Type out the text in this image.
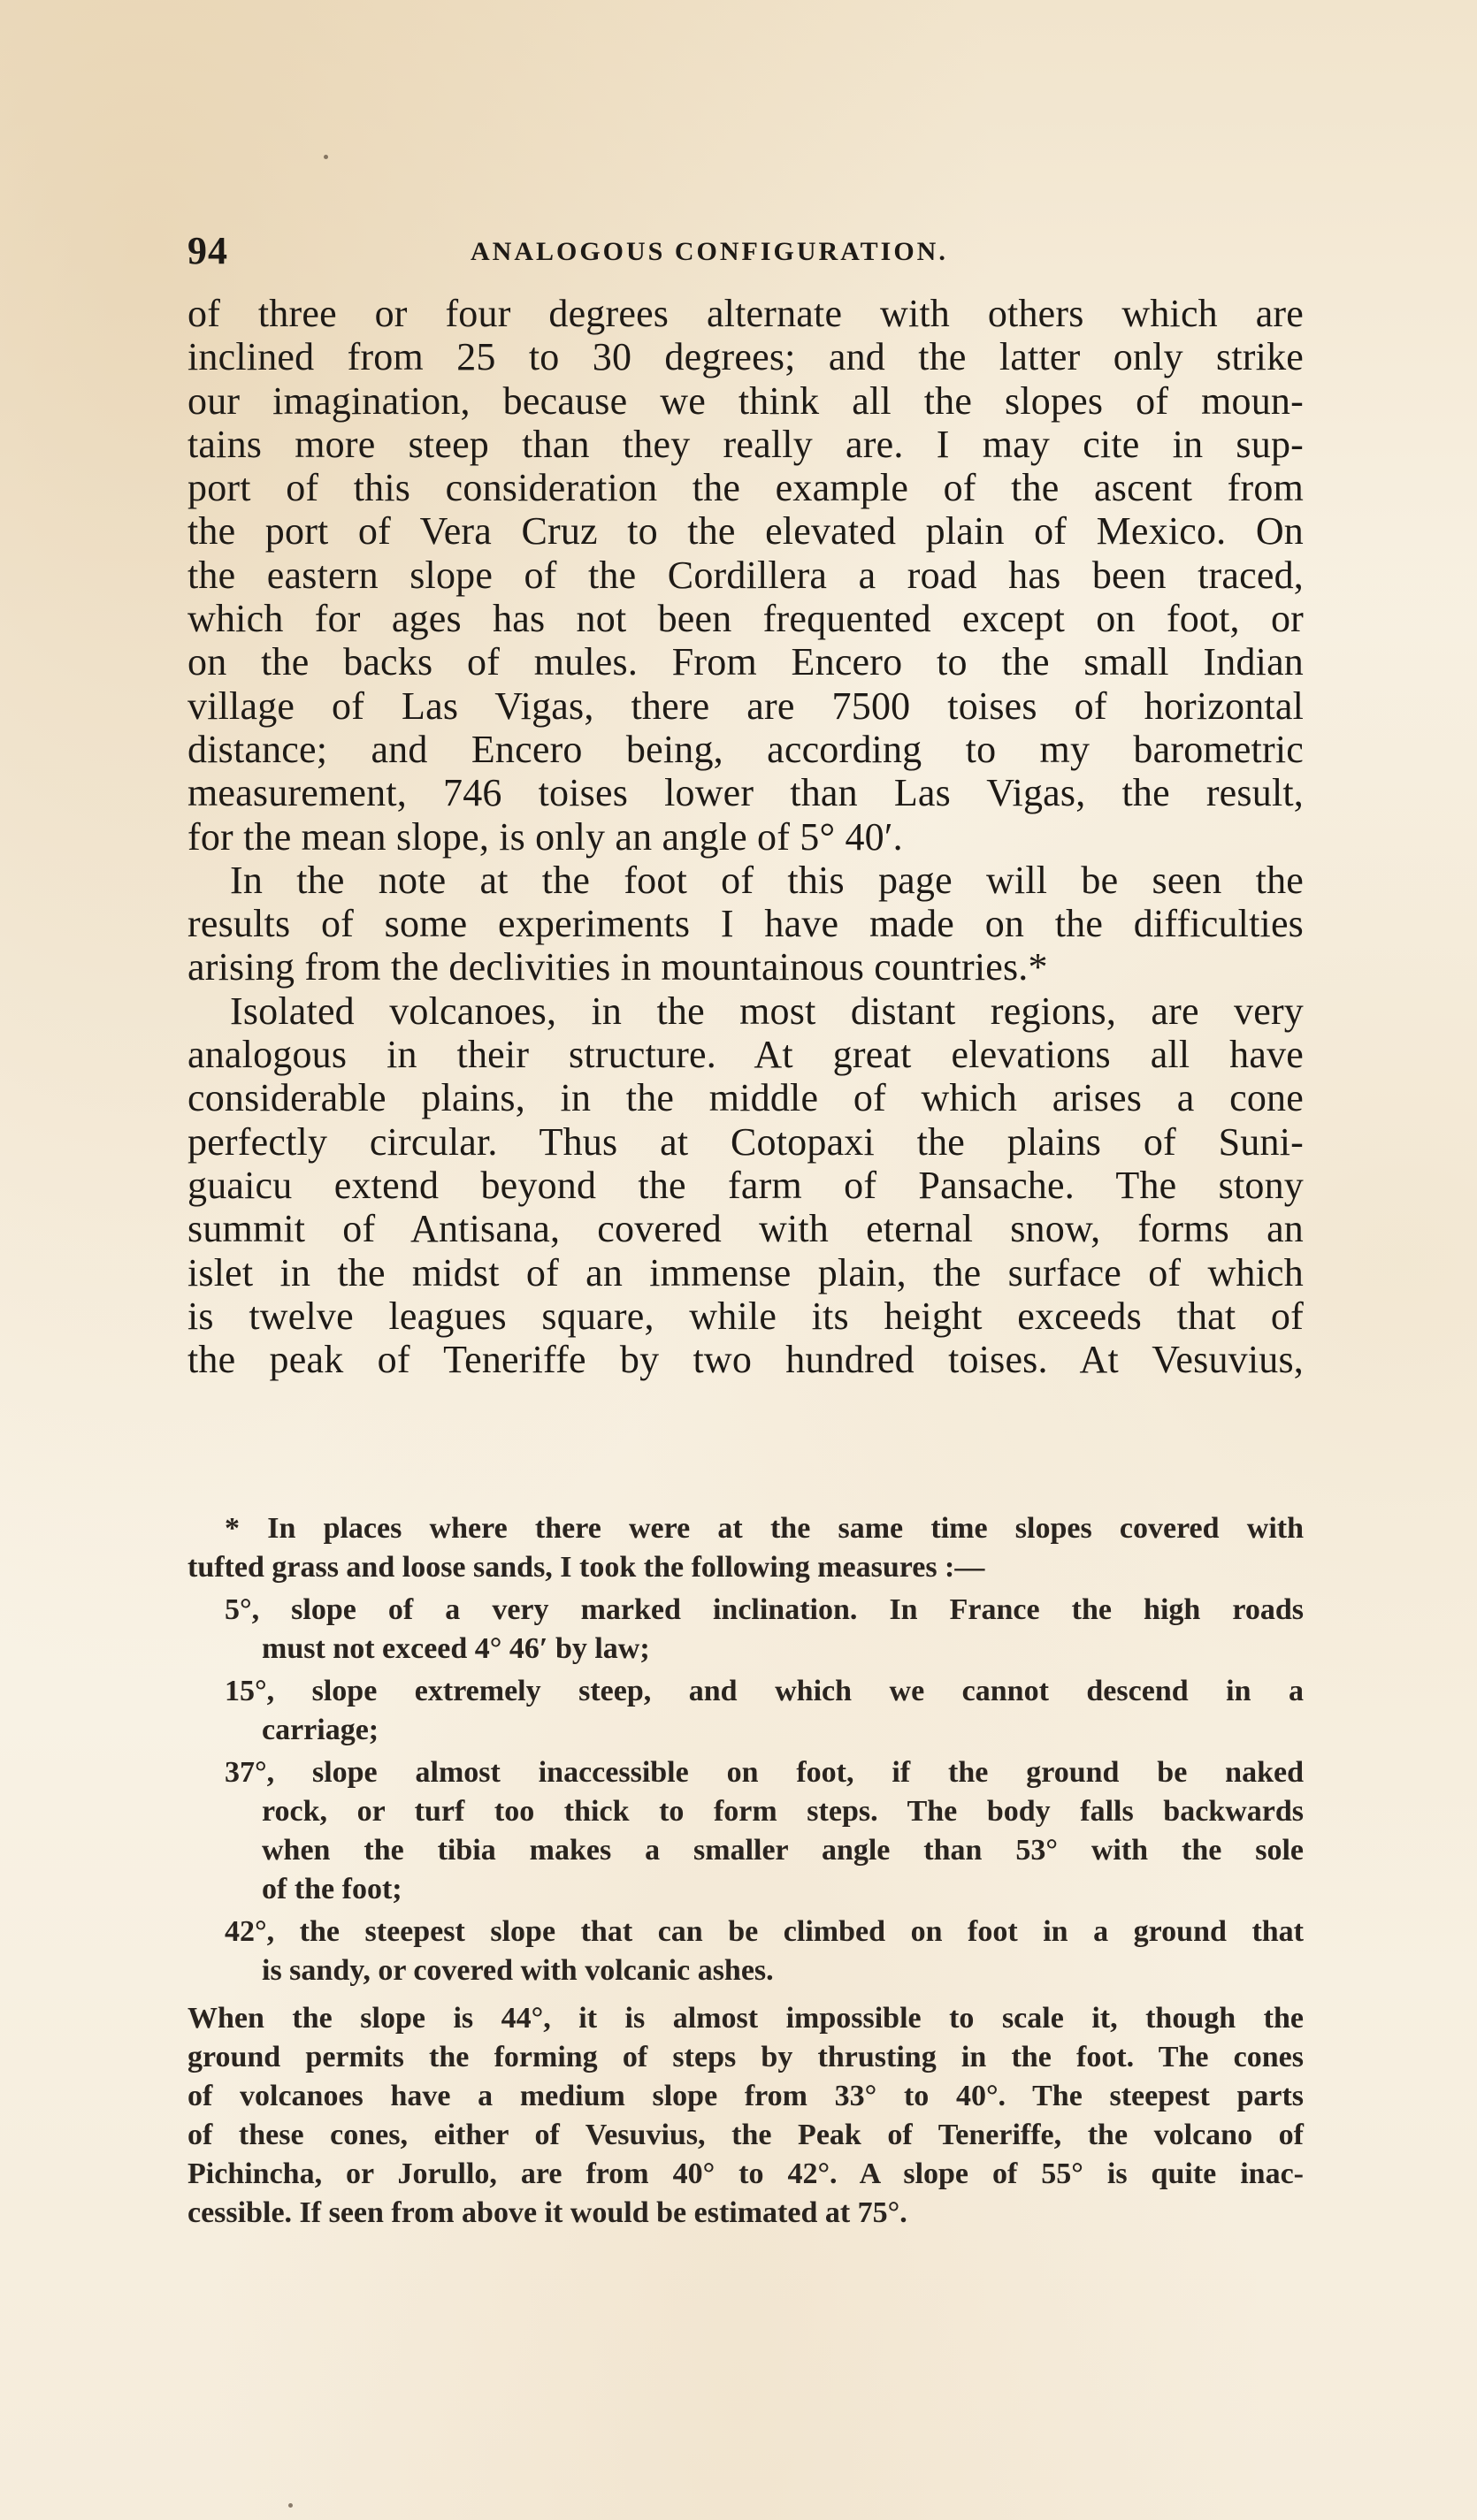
94	ANALOGOUS CONFIGURATION.
of three or four degrees alternate with others which are
inclined from 25 to 30 degrees; and the latter only strike
our imagination, because we think all the slopes of moun-
tains more steep than they really are. I may cite in sup-
port of this consideration the example of the ascent from
the port of Vera Cruz to the elevated plain of Mexico. On
the eastern slope of the Cordillera a road has been traced,
which for ages has not been frequented except on foot, or
on the backs of mules. From Encero to the small Indian
village of Las Vigas, there are 7500 toises of horizontal
distance; and Encero being, according to my barometric
measurement, 746 toises lower than Las Vigas, the result,
for the mean slope, is only an angle of 5° 40′.
In the note at the foot of this page will be seen the
results of some experiments I have made on the difficulties
arising from the declivities in mountainous countries.*
Isolated volcanoes, in the most distant regions, are very
analogous in their structure. At great elevations all have
considerable plains, in the middle of which arises a cone
perfectly circular. Thus at Cotopaxi the plains of Suni-
guaicu extend beyond the farm of Pansache. The stony
summit of Antisana, covered with eternal snow, forms an
islet in the midst of an immense plain, the surface of which
is twelve leagues square, while its height exceeds that of
the peak of Teneriffe by two hundred toises. At Vesuvius,
* In places where there were at the same time slopes covered with
tufted grass and loose sands, I took the following measures :—
5°, slope of a very marked inclination. In France the high roads
must not exceed 4° 46′ by law;
15°, slope extremely steep, and which we cannot descend in a
carriage;
37°, slope almost inaccessible on foot, if the ground be naked
rock, or turf too thick to form steps. The body falls backwards
when the tibia makes a smaller angle than 53° with the sole
of the foot;
42°, the steepest slope that can be climbed on foot in a ground that
is sandy, or covered with volcanic ashes.
When the slope is 44°, it is almost impossible to scale it, though the
ground permits the forming of steps by thrusting in the foot. The cones
of volcanoes have a medium slope from 33° to 40°. The steepest parts
of these cones, either of Vesuvius, the Peak of Teneriffe, the volcano of
Pichincha, or Jorullo, are from 40° to 42°. A slope of 55° is quite inac-
cessible. If seen from above it would be estimated at 75°.
